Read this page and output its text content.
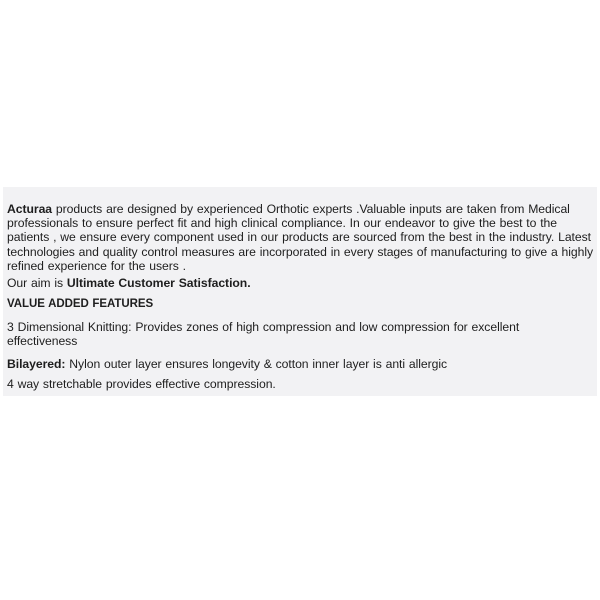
Acturaa products are designed by experienced Orthotic experts .Valuable inputs are taken from Medical professionals to ensure perfect fit and high clinical compliance. In our endeavor to give the best to the patients , we ensure every component used in our products are sourced from the best in the industry. Latest technologies and quality control measures are incorporated in every stages of manufacturing to give a highly refined experience for the users .

Our aim is Ultimate Customer Satisfaction.

VALUE ADDED FEATURES

3 Dimensional Knitting: Provides zones of high compression and low compression for excellent effectiveness

Bilayered: Nylon outer layer ensures longevity & cotton inner layer is anti allergic

4 way stretchable provides effective compression.
